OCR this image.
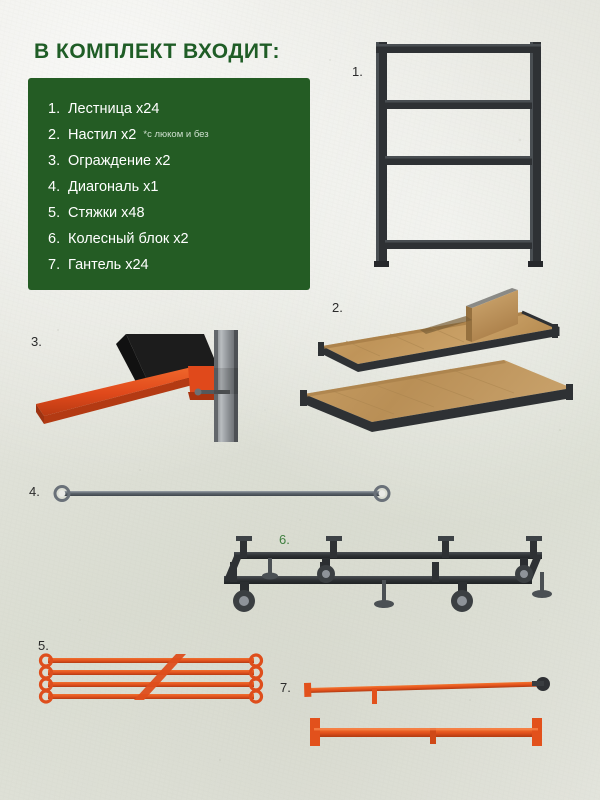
В КОМПЛЕКТ ВХОДИТ:
1. Лестница x24
2. Настил x2 *с люком и без
3. Ограждение x2
4. Диагональ x1
5. Стяжки x48
6. Колесный блок x2
7. Гантель x24
1.
2.
3.
4.
6.
5.
7.
